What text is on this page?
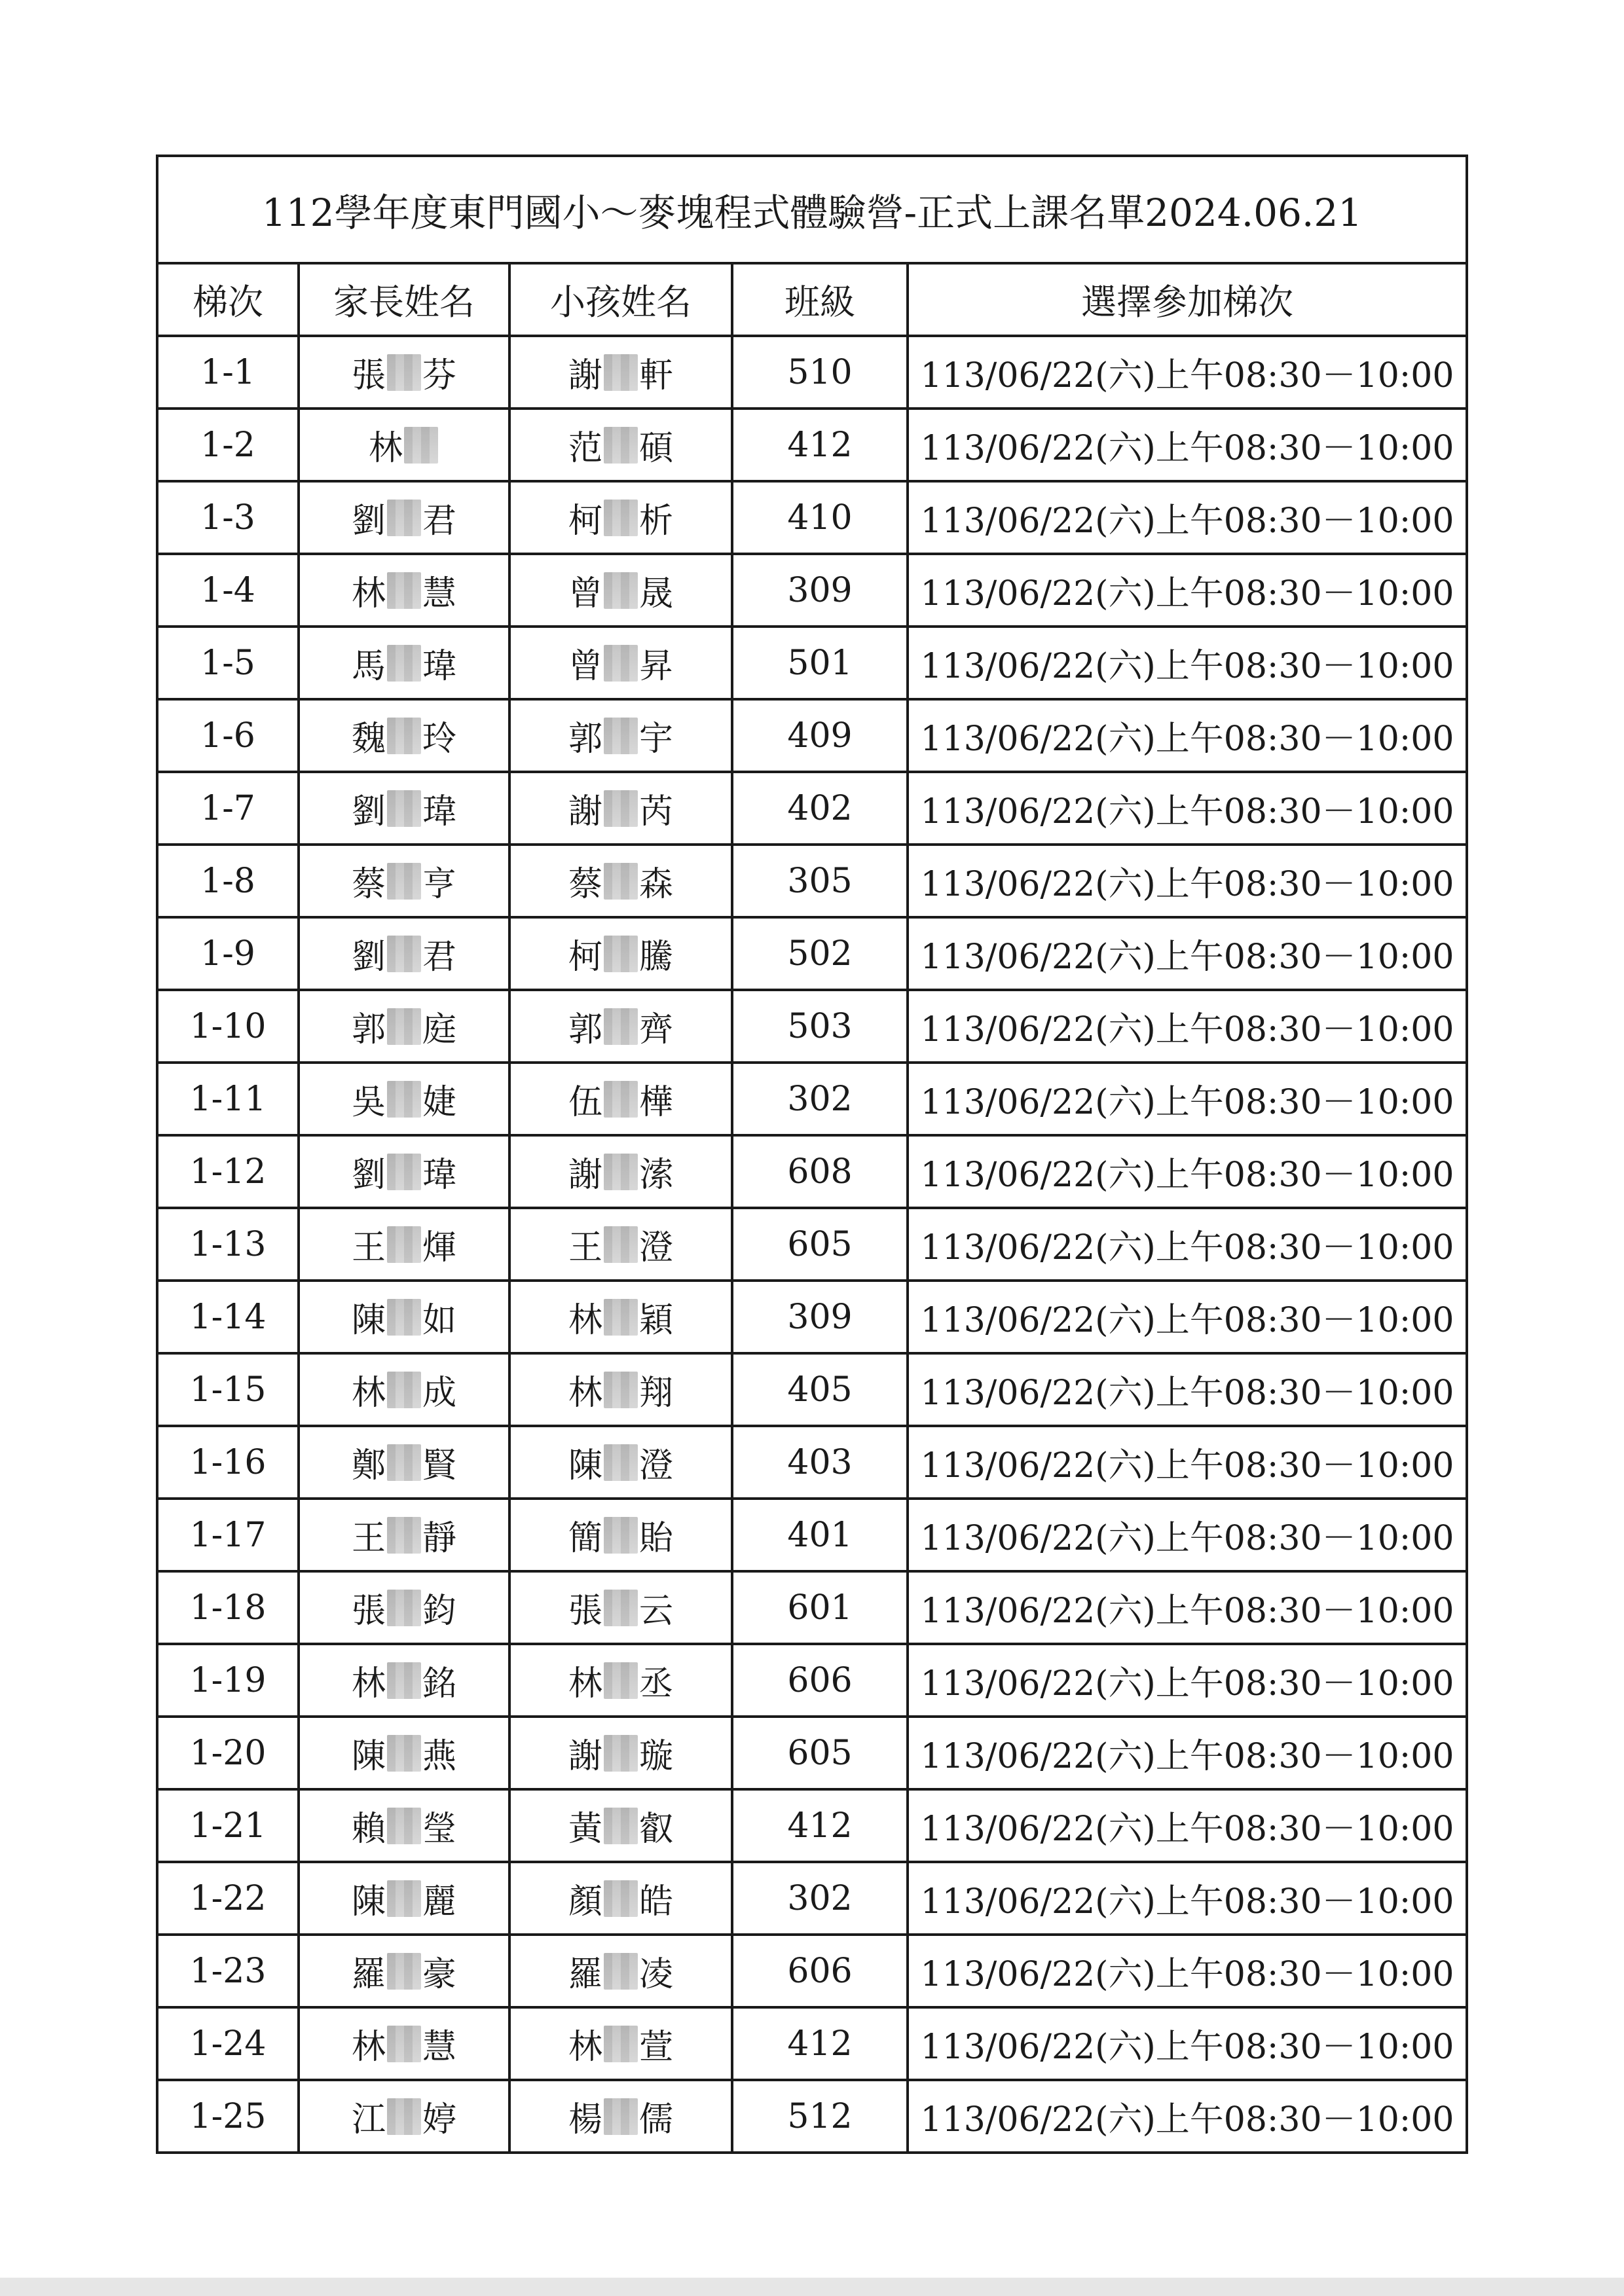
112學年度東門國小～麥塊程式體驗營-正式上課名單2024.06.21				
梯次	家長姓名	小孩姓名	班級	選擇參加梯次
1-1	張 芬	謝 軒	510	113/06/22(六)上午08:30－10:00
1-2	林	范 碩	412	113/06/22(六)上午08:30－10:00
1-3	劉 君	柯 析	410	113/06/22(六)上午08:30－10:00
1-4	林 慧	曾 晟	309	113/06/22(六)上午08:30－10:00
1-5	馬 瑋	曾 昇	501	113/06/22(六)上午08:30－10:00
1-6	魏 玲	郭 宇	409	113/06/22(六)上午08:30－10:00
1-7	劉 瑋	謝 芮	402	113/06/22(六)上午08:30－10:00
1-8	蔡 亨	蔡 森	305	113/06/22(六)上午08:30－10:00
1-9	劉 君	柯 騰	502	113/06/22(六)上午08:30－10:00
1-10	郭 庭	郭 齊	503	113/06/22(六)上午08:30－10:00
1-11	吳 婕	伍 樺	302	113/06/22(六)上午08:30－10:00
1-12	劉 瑋	謝 溹	608	113/06/22(六)上午08:30－10:00
1-13	王 煇	王 澄	605	113/06/22(六)上午08:30－10:00
1-14	陳 如	林 穎	309	113/06/22(六)上午08:30－10:00
1-15	林 成	林 翔	405	113/06/22(六)上午08:30－10:00
1-16	鄭 賢	陳 澄	403	113/06/22(六)上午08:30－10:00
1-17	王 靜	簡 貽	401	113/06/22(六)上午08:30－10:00
1-18	張 鈞	張 云	601	113/06/22(六)上午08:30－10:00
1-19	林 銘	林 丞	606	113/06/22(六)上午08:30－10:00
1-20	陳 燕	謝 璇	605	113/06/22(六)上午08:30－10:00
1-21	賴 瑩	黃 叡	412	113/06/22(六)上午08:30－10:00
1-22	陳 麗	顏 皓	302	113/06/22(六)上午08:30－10:00
1-23	羅 豪	羅 凌	606	113/06/22(六)上午08:30－10:00
1-24	林 慧	林 萱	412	113/06/22(六)上午08:30－10:00
1-25	江 婷	楊 儒	512	113/06/22(六)上午08:30－10:00
